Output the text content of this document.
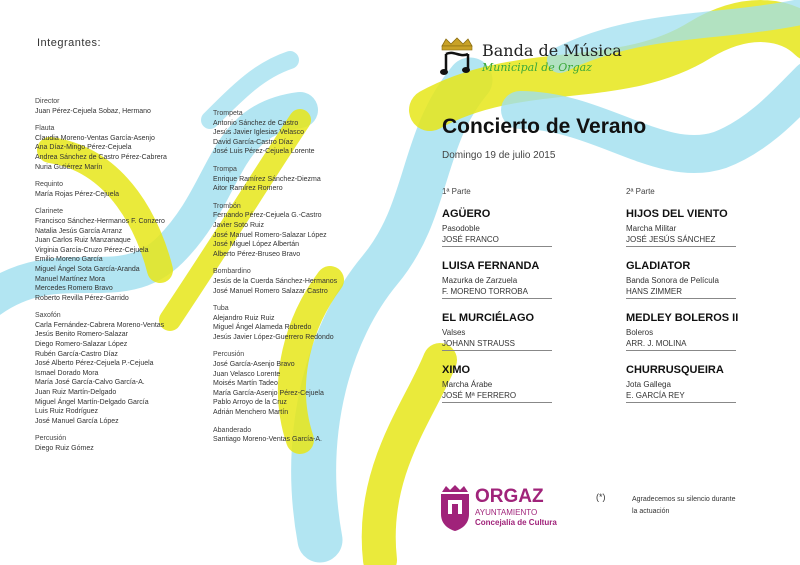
Integrantes:
Director
Juan Pérez-Cejuela Sobaz, Hermano
Flauta
Claudia Moreno-Ventas García-Asenjo
Ana Díaz-Mingo Pérez-Cejuela
Andrea Sánchez de Castro Pérez-Cabrera
Nuria Gutiérrez Marín
Requinto
María Rojas Pérez-Cejuela
Clarinete
Francisco Sánchez-Hermanos F. Conzero
Natalia Jesús García Arranz
Juan Carlos Ruiz Manzanaque
Virginia García-Cruzo Pérez-Cejuela
Emilio Moreno García
Miguel Ángel Sota García-Aranda
Manuel Martínez Mora
Mercedes Romero Bravo
Roberto Revilla Pérez-Garrido
Saxofón
Carla Fernández-Cabrera Moreno-Ventas
Jesús Benito Romero-Salazar
Diego Romero-Salazar López
Rubén García-Castro Díaz
José Alberto Pérez-Cejuela P.-Cejuela
Ismael Dorado Mora
María José García-Calvo García-A.
Juan Ruiz Martín-Delgado
Miguel Ángel Martín-Delgado García
Luis Ruiz Rodríguez
José Manuel García López
Percusión
Diego Ruiz Gómez
Trompeta
Antonio Sánchez de Castro
Jesús Javier Iglesias Velasco
David García-Castro Díaz
José Luis Pérez-Cejuela Lorente
Trompa
Enrique Ramírez Sánchez-Diezma
Aitor Ramírez Romero
Trombón
Fernando Pérez-Cejuela G.-Castro
Javier Soto Ruiz
José Manuel Romero-Salazar López
José Miguel López Albertán
Alberto Pérez-Bruseo Bravo
Bombardino
Jesús de la Cuerda Sánchez-Hermanos
José Manuel Romero Salazar Castro
Tuba
Alejandro Ruiz Ruiz
Miguel Ángel Alameda Robredo
Jesús Javier López-Guerrero Redondo
Percusión
José García-Asenjo Bravo
Juan Velasco Lorente
Moisés Martín Tadeo
María García-Asenjo Pérez-Cejuela
Pablo Arroyo de la Cruz
Adrián Menchero Martín
Abanderado
Santiago Moreno-Ventas García-A.
Banda de Música
Municipal de Orgaz
Concierto de Verano
Domingo 19 de julio 2015
1ª Parte	2ª Parte
AGÜERO
Pasodoble
JOSÉ FRANCO
LUISA FERNANDA
Mazurka de Zarzuela
F. MORENO TORROBA
EL MURCIÉLAGO
Valses
JOHANN STRAUSS
XIMO
Marcha Árabe
JOSÉ Mª FERRERO
HIJOS DEL VIENTO
Marcha Militar
JOSÉ JESÚS SÁNCHEZ
GLADIATOR
Banda Sonora de Película
HANS ZIMMER
MEDLEY BOLEROS II
Boleros
ARR. J. MOLINA
CHURRUSQUEIRA
Jota Gallega
E. GARCÍA REY
ORGAZ
AYUNTAMIENTO
Concejalía de Cultura
(*)	Agradecemos su silencio durante la actuación
